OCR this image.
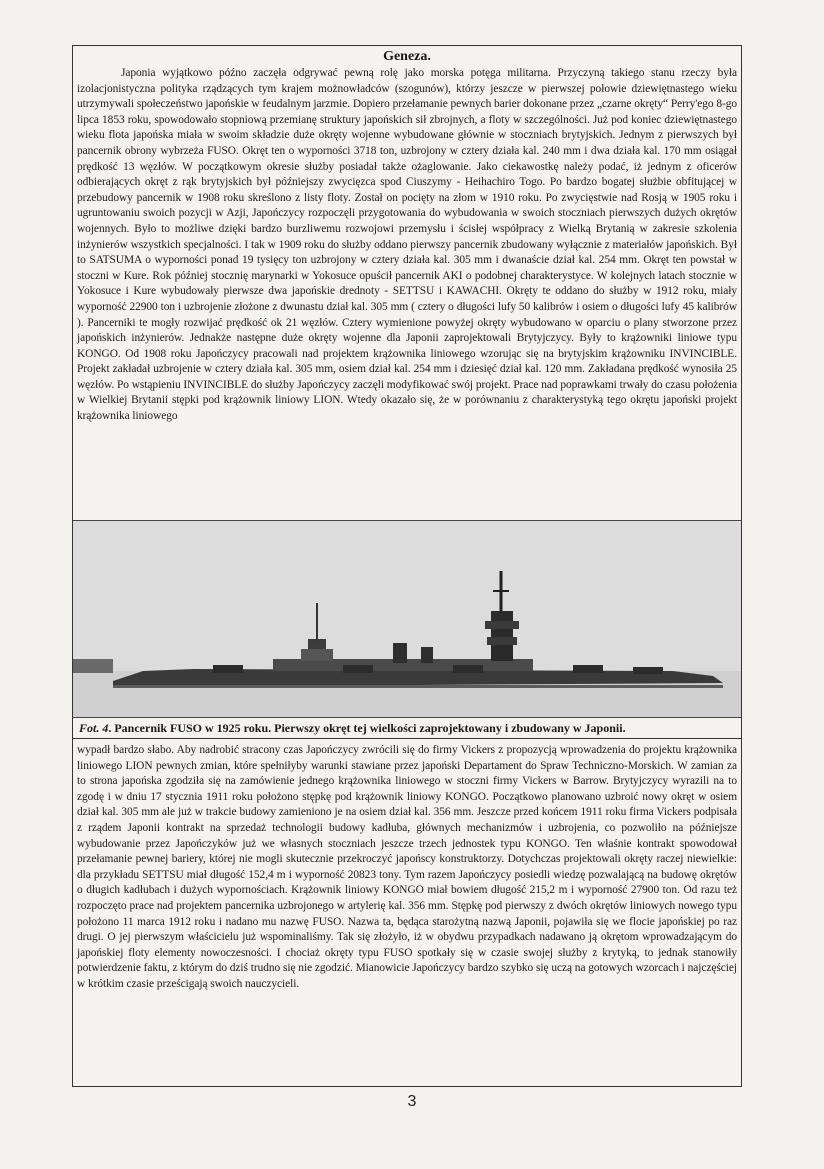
Geneza.

Japonia wyjątkowo późno zaczęła odgrywać pewną rolę jako morska potęga militarna. Przyczyną takiego stanu rzeczy była izolacjonistyczna polityka rządzących tym krajem możnowładców (szogunów), którzy jeszcze w pierwszej połowie dziewiętnastego wieku utrzymywali społeczeństwo japońskie w feudalnym jarzmie. Dopiero przełamanie pewnych barier dokonane przez „czarne okręty“ Perry'ego 8-go lipca 1853 roku, spowodowało stopniową przemianę struktury japońskich sił zbrojnych, a floty w szczególności. Już pod koniec dziewiętnastego wieku flota japońska miała w swoim składzie duże okręty wojenne wybudowane głównie w stoczniach brytyjskich. Jednym z pierwszych był pancernik obrony wybrzeża FUSO. Okręt ten o wyporności 3718 ton, uzbrojony w cztery działa kal. 240 mm i dwa działa kal. 170 mm osiągał prędkość 13 węzłów. W początkowym okresie służby posiadał także ożaglowanie. Jako ciekawostkę należy podać, iż jednym z oficerów odbierających okręt z rąk brytyjskich był późniejszy zwycięzca spod Ciuszymy - Heihachiro Togo. Po bardzo bogatej służbie obfitującej w przebudowy pancernik w 1908 roku skreślono z listy floty. Został on pocięty na złom w 1910 roku. Po zwycięstwie nad Rosją w 1905 roku i ugruntowaniu swoich pozycji w Azji, Japończycy rozpoczęli przygotowania do wybudowania w swoich stoczniach pierwszych dużych okrętów wojennych. Było to możliwe dzięki bardzo burzliwemu rozwojowi przemysłu i ścisłej współpracy z Wielką Brytanią w zakresie szkolenia inżynierów wszystkich specjalności. I tak w 1909 roku do służby oddano pierwszy pancernik zbudowany wyłącznie z materiałów japońskich. Był to SATSUMA o wyporności ponad 19 tysięcy ton uzbrojony w cztery działa kal. 305 mm i dwanaście dział kal. 254 mm. Okręt ten powstał w stoczni w Kure. Rok później stocznię marynarki w Yokosuce opuścił pancernik AKI o podobnej charakterystyce. W kolejnych latach stocznie w Yokosuce i Kure wybudowały pierwsze dwa japońskie drednoty - SETTSU i KAWACHI. Okręty te oddano do służby w 1912 roku, miały wyporność 22900 ton i uzbrojenie złożone z dwunastu dział kal. 305 mm ( cztery o długości lufy 50 kalibrów i osiem o długości lufy 45 kalibrów ). Pancerniki te mogły rozwijać prędkość ok 21 węzłów. Cztery wymienione powyżej okręty wybudowano w oparciu o plany stworzone przez japońskich inżynierów. Jednakże następne duże okręty wojenne dla Japonii zaprojektowali Brytyjczycy. Były to krążowniki liniowe typu KONGO. Od 1908 roku Japończycy pracowali nad projektem krążownika liniowego wzorując się na brytyjskim krążowniku INVINCIBLE. Projekt zakładał uzbrojenie w cztery działa kal. 305 mm, osiem dział kal. 254 mm i dziesięć dział kal. 120 mm. Zakładana prędkość wynosiła 25 węzłów. Po wstąpieniu INVINCIBLE do służby Japończycy zaczęli modyfikować swój projekt. Prace nad poprawkami trwały do czasu położenia w Wielkiej Brytanii stępki pod krążownik liniowy LION. Wtedy okazało się, że w porównaniu z charakterystyką tego okrętu japoński projekt krążownika liniowego

Fot. 4. Pancernik FUSO w 1925 roku. Pierwszy okręt tej wielkości zaprojektowany i zbudowany w Japonii.

wypadł bardzo słabo. Aby nadrobić stracony czas Japończycy zwrócili się do firmy Vickers z propozycją wprowadzenia do projektu krążownika liniowego LION pewnych zmian, które spełniłyby warunki stawiane przez japoński Departament do Spraw Techniczno-Morskich. W zamian za to strona japońska zgodziła się na zamówienie jednego krążownika liniowego w stoczni firmy Vickers w Barrow. Brytyjczycy wyrazili na to zgodę i w dniu 17 stycznia 1911 roku położono stępkę pod krążownik liniowy KONGO. Początkowo planowano uzbroić nowy okręt w osiem dział kal. 305 mm ale już w trakcie budowy zamieniono je na osiem dział kal. 356 mm. Jeszcze przed końcem 1911 roku firma Vickers podpisała z rządem Japonii kontrakt na sprzedaż technologii budowy kadłuba, głównych mechanizmów i uzbrojenia, co pozwoliło na późniejsze wybudowanie przez Japończyków już we własnych stoczniach jeszcze trzech jednostek typu KONGO. Ten właśnie kontrakt spowodował przełamanie pewnej bariery, której nie mogli skutecznie przekroczyć japońscy konstruktorzy. Dotychczas projektowali okręty raczej niewielkie: dla przykładu SETTSU miał długość 152,4 m i wyporność 20823 tony. Tym razem Japończycy posiedli wiedzę pozwalającą na budowę okrętów o długich kadłubach i dużych wypornościach. Krążownik liniowy KONGO miał bowiem długość 215,2 m i wyporność 27900 ton. Od razu też rozpoczęto prace nad projektem pancernika uzbrojonego w artylerię kal. 356 mm. Stępkę pod pierwszy z dwóch okrętów liniowych nowego typu położono 11 marca 1912 roku i nadano mu nazwę FUSO. Nazwa ta, będąca starożytną nazwą Japonii, pojawiła się we flocie japońskiej po raz drugi. O jej pierwszym właścicielu już wspominaliśmy. Tak się złożyło, iż w obydwu przypadkach nadawano ją okrętom wprowadzającym do japońskiej floty elementy nowoczesności. I chociaż okręty typu FUSO spotkały się w czasie swojej służby z krytyką, to jednak stanowiły potwierdzenie faktu, z którym do dziś trudno się nie zgodzić. Mianowicie Japończycy bardzo szybko się uczą na gotowych wzorcach i najczęściej w krótkim czasie prześcigają swoich nauczycieli.

3
